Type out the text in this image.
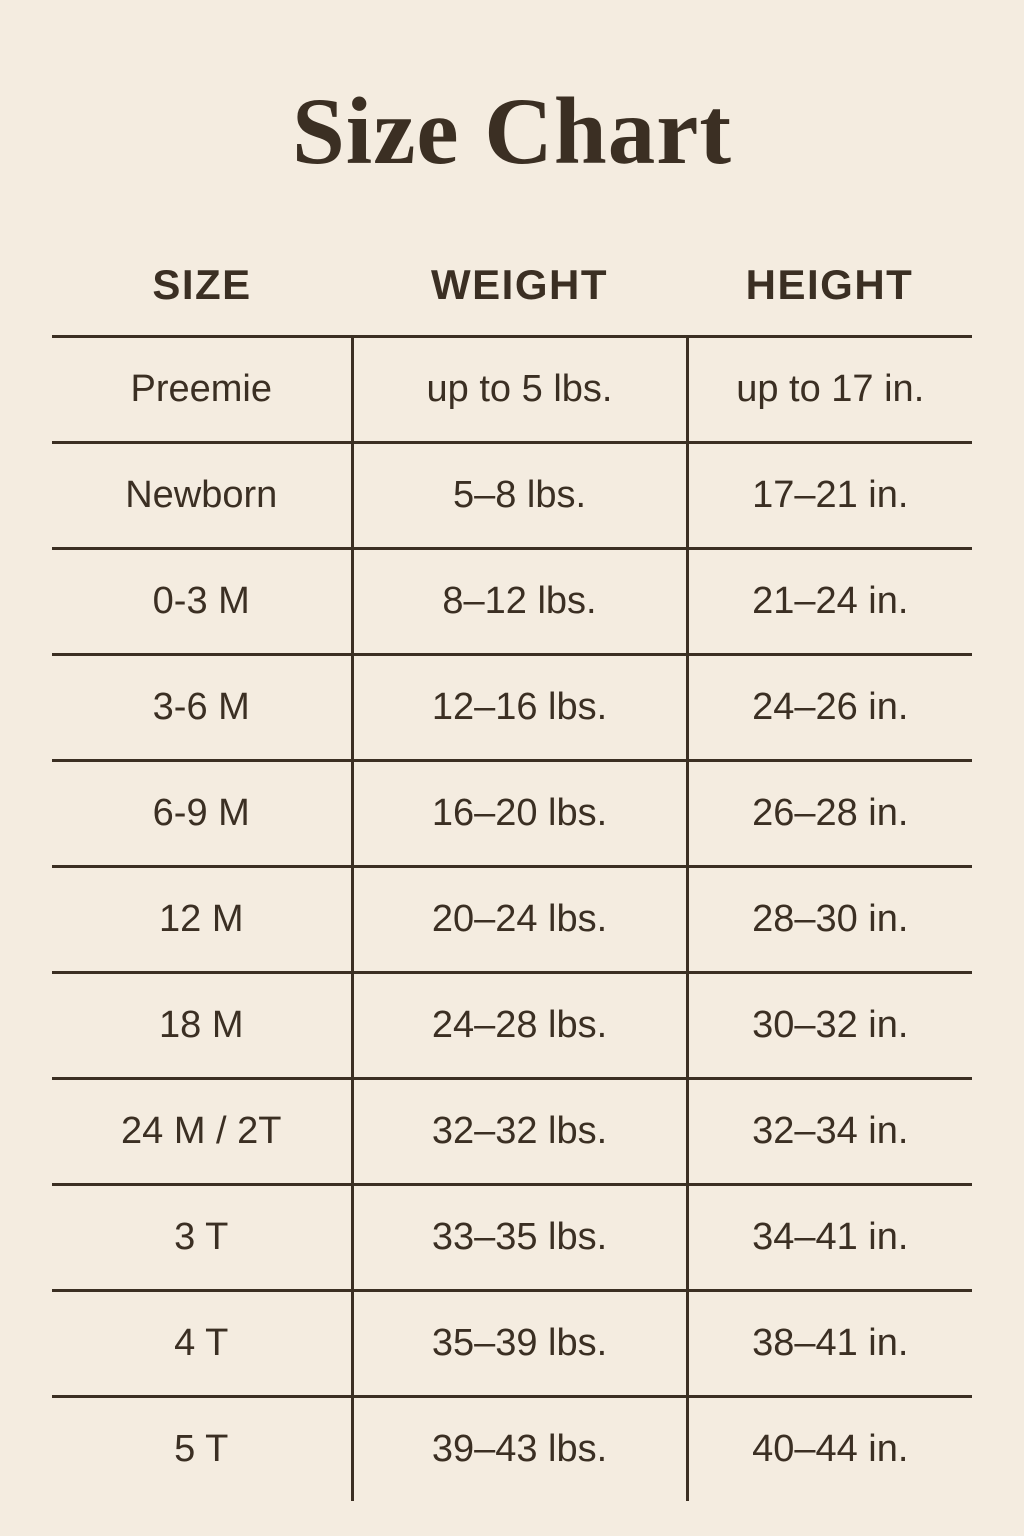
Size Chart
SIZE	WEIGHT	HEIGHT
Preemie	up to 5 lbs.	up to 17 in.
Newborn	5–8 lbs.	17–21 in.
0-3 M	8–12 lbs.	21–24 in.
3-6 M	12–16 lbs.	24–26 in.
6-9 M	16–20 lbs.	26–28 in.
12 M	20–24 lbs.	28–30 in.
18 M	24–28 lbs.	30–32 in.
24 M / 2T	32–32 lbs.	32–34 in.
3 T	33–35 lbs.	34–41 in.
4 T	35–39 lbs.	38–41 in.
5 T	39–43 lbs.	40–44 in.
